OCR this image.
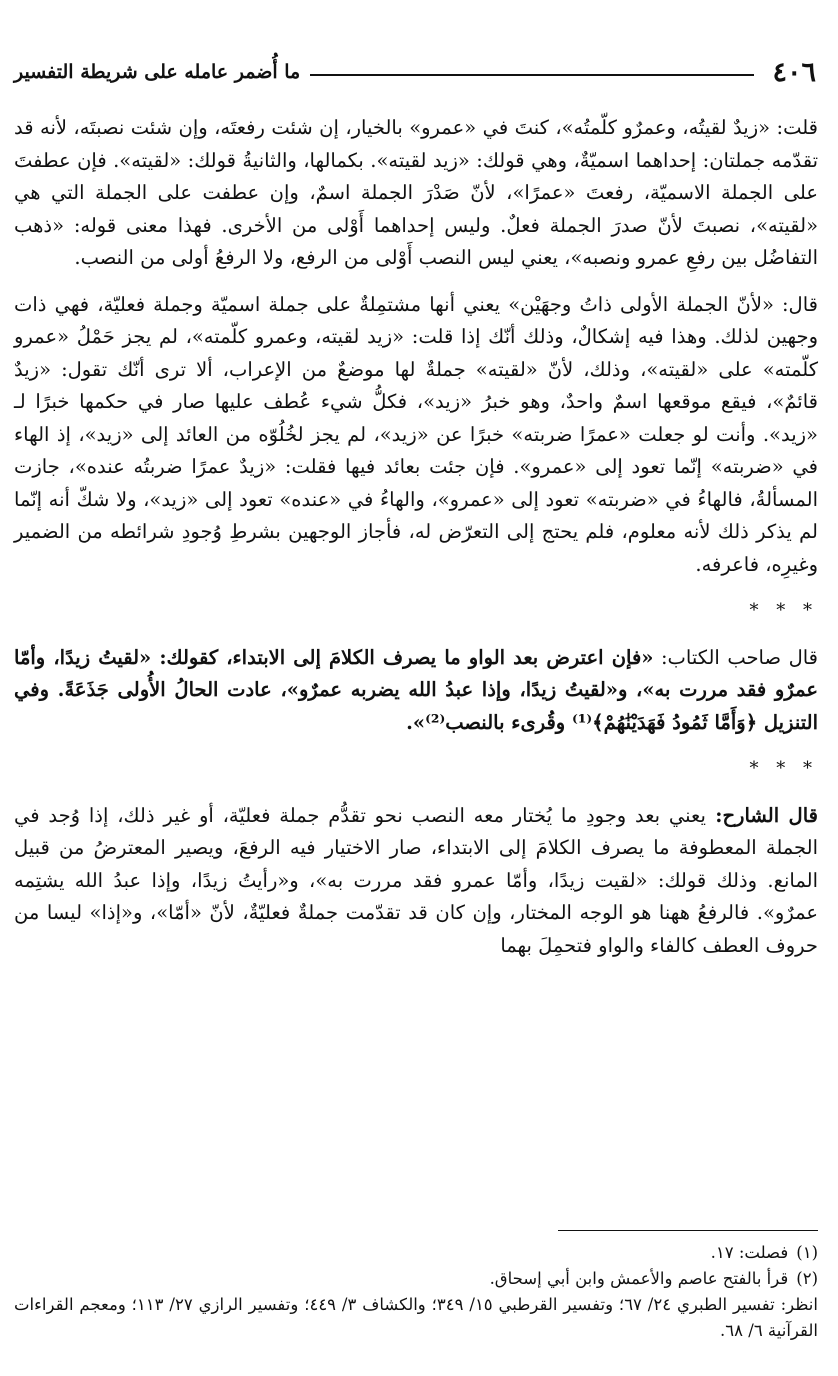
٤٠٦
ما أُضمر عامله على شريطة التفسير

قلت: «زيدٌ لقيتُه، وعمرٌو كلّمتُه»، كنتَ في «عمرو» بالخيار، إن شئت رفعتَه، وإن شئت نصبتَه، لأنه قد تقدّمه جملتان: إحداهما اسميّةٌ، وهي قولك: «زيد لقيته». بكمالها، والثانيةُ قولك: «لقيته». فإن عطفتَ على الجملة الاسميّة، رفعتَ «عمرًا»، لأنّ صَدْرَ الجملة اسمٌ، وإن عطفت على الجملة التي هي «لقيته»، نصبتَ لأنّ صدرَ الجملة فعلٌ. وليس إحداهما أَوْلى من الأخرى. فهذا معنى قوله: «ذهب التفاضُل بين رفعِ عمرو ونصبه»، يعني ليس النصب أَوْلى من الرفع، ولا الرفعُ أولى من النصب.

قال: «لأنّ الجملة الأولى ذاتُ وجهَيْن» يعني أنها مشتمِلةٌ على جملة اسميّة وجملة فعليّة، فهي ذات وجهين لذلك. وهذا فيه إشكالٌ، وذلك أنّك إذا قلت: «زيد لقيته، وعمرو كلّمته»، لم يجز حَمْلُ «عمرو كلّمته» على «لقيته»، وذلك، لأنّ «لقيته» جملةٌ لها موضعٌ من الإعراب، ألا ترى أنّك تقول: «زيدٌ قائمٌ»، فيقع موقعها اسمٌ واحدٌ، وهو خبرُ «زيد»، فكلُّ شيء عُطف عليها صار في حكمها خبرًا لـ «زيد». وأنت لو جعلت «عمرًا ضربته» خبرًا عن «زيد»، لم يجز لخُلُوّه من العائد إلى «زيد»، إذ الهاء في «ضربته» إنّما تعود إلى «عمرو». فإن جئت بعائد فيها فقلت: «زيدٌ عمرًا ضربتُه عنده»، جازت المسألةُ، فالهاءُ في «ضربته» تعود إلى «عمرو»، والهاءُ في «عنده» تعود إلى «زيد»، ولا شكّ أنه إنّما لم يذكر ذلك لأنه معلوم، فلم يحتج إلى التعرّض له، فأجاز الوجهين بشرطِ وُجودِ شرائطه من الضمير وغيرِه، فاعرفه.

* * *

قال صاحب الكتاب: «فإن اعترض بعد الواو ما يصرف الكلامَ إلى الابتداء، كقولك: «لقيتُ زيدًا، وأمّا عمرٌو فقد مررت به»، و«لقيتُ زيدًا، وإذا عبدُ الله يضربه عمرٌو»، عادت الحالُ الأُولى جَذَعَةً. وفي التنزيل ﴿وَأَمَّا ثَمُودُ فَهَدَيْنَٰهُمْ﴾⁽¹⁾ وقُرىء بالنصب⁽²⁾».

* * *

قال الشارح: يعني بعد وجودِ ما يُختار معه النصب نحو تقدُّم جملة فعليّة، أو غير ذلك، إذا وُجد في الجملة المعطوفة ما يصرف الكلامَ إلى الابتداء، صار الاختيار فيه الرفعَ، ويصير المعترضُ من قبيل المانع. وذلك قولك: «لقيت زيدًا، وأمّا عمرو فقد مررت به»، و«رأيتُ زيدًا، وإذا عبدُ الله يشتِمه عمرٌو». فالرفعُ ههنا هو الوجه المختار، وإن كان قد تقدّمت جملةٌ فعليّةٌ، لأنّ «أمّا»، و«إذا» ليسا من حروف العطف كالفاء والواو فتحمِلَ بهما

(١)فصلت: ١٧.

(٢)قرأ بالفتح عاصم والأعمش وابن أبي إسحاق.

انظر: تفسير الطبري ٢٤/ ٦٧؛ وتفسير القرطبي ١٥/ ٣٤٩؛ والكشاف ٣/ ٤٤٩؛ وتفسير الرازي ٢٧/ ١١٣؛ ومعجم القراءات القرآنية ٦/ ٦٨.
